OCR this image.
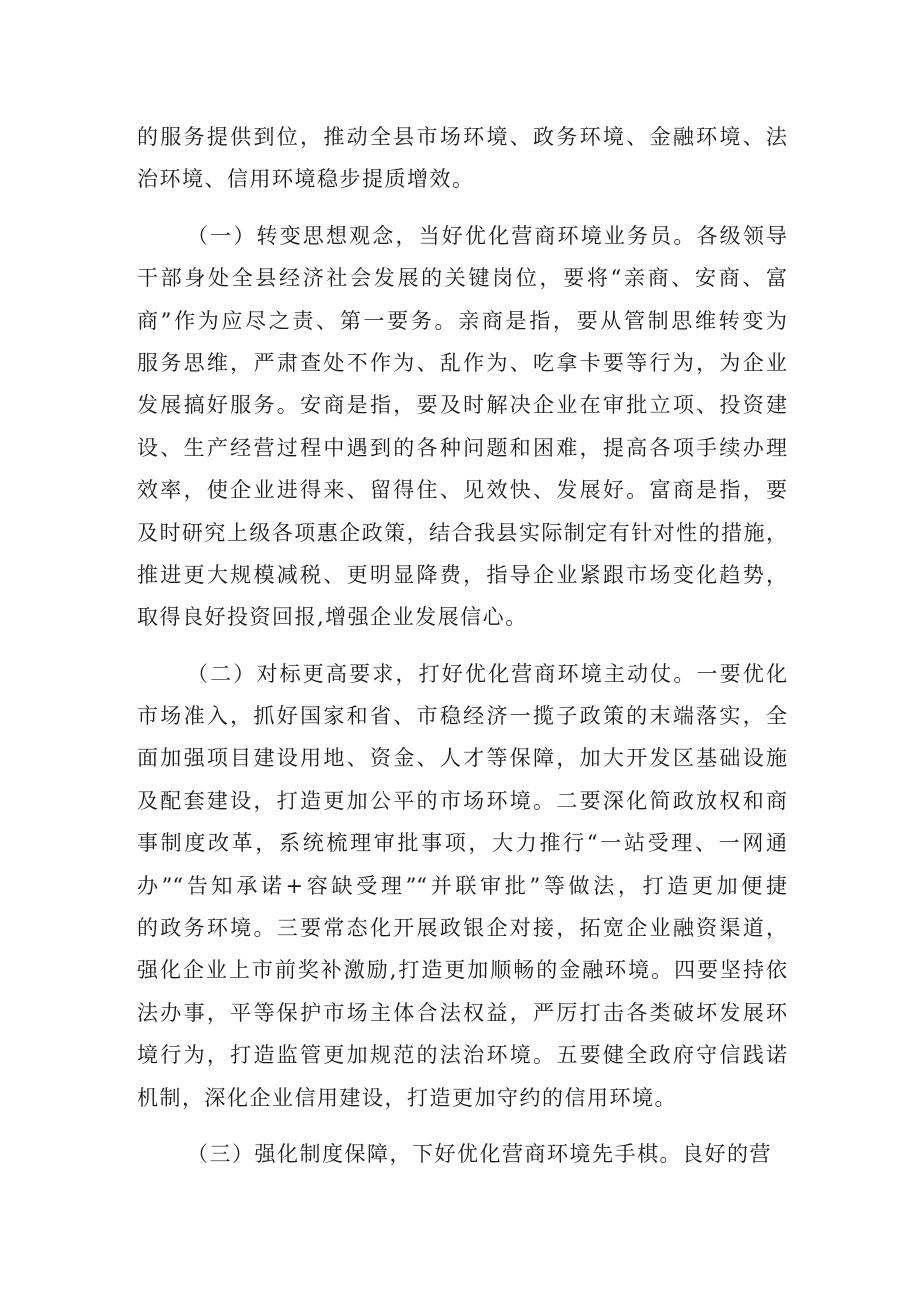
的服务提供到位，推动全县市场环境、政务环境、金融环境、法
治环境、信用环境稳步提质增效。
（一）转变思想观念，当好优化营商环境业务员。各级领导
干部身处全县经济社会发展的关键岗位，要将“亲商、安商、富
商”作为应尽之责、第一要务。亲商是指，要从管制思维转变为
服务思维，严肃查处不作为、乱作为、吃拿卡要等行为，为企业
发展搞好服务。安商是指，要及时解决企业在审批立项、投资建
设、生产经营过程中遇到的各种问题和困难，提高各项手续办理
效率，使企业进得来、留得住、见效快、发展好。富商是指，要
及时研究上级各项惠企政策，结合我县实际制定有针对性的措施，
推进更大规模减税、更明显降费，指导企业紧跟市场变化趋势，
取得良好投资回报,增强企业发展信心。
（二）对标更高要求，打好优化营商环境主动仗。一要优化
市场准入，抓好国家和省、市稳经济一揽子政策的末端落实，全
面加强项目建设用地、资金、人才等保障，加大开发区基础设施
及配套建设，打造更加公平的市场环境。二要深化简政放权和商
事制度改革，系统梳理审批事项，大力推行“一站受理、一网通
办”“告知承诺+容缺受理”“并联审批”等做法，打造更加便捷
的政务环境。三要常态化开展政银企对接，拓宽企业融资渠道，
强化企业上市前奖补激励,打造更加顺畅的金融环境。四要坚持依
法办事，平等保护市场主体合法权益，严厉打击各类破坏发展环
境行为，打造监管更加规范的法治环境。五要健全政府守信践诺
机制，深化企业信用建设，打造更加守约的信用环境。
（三）强化制度保障，下好优化营商环境先手棋。良好的营
